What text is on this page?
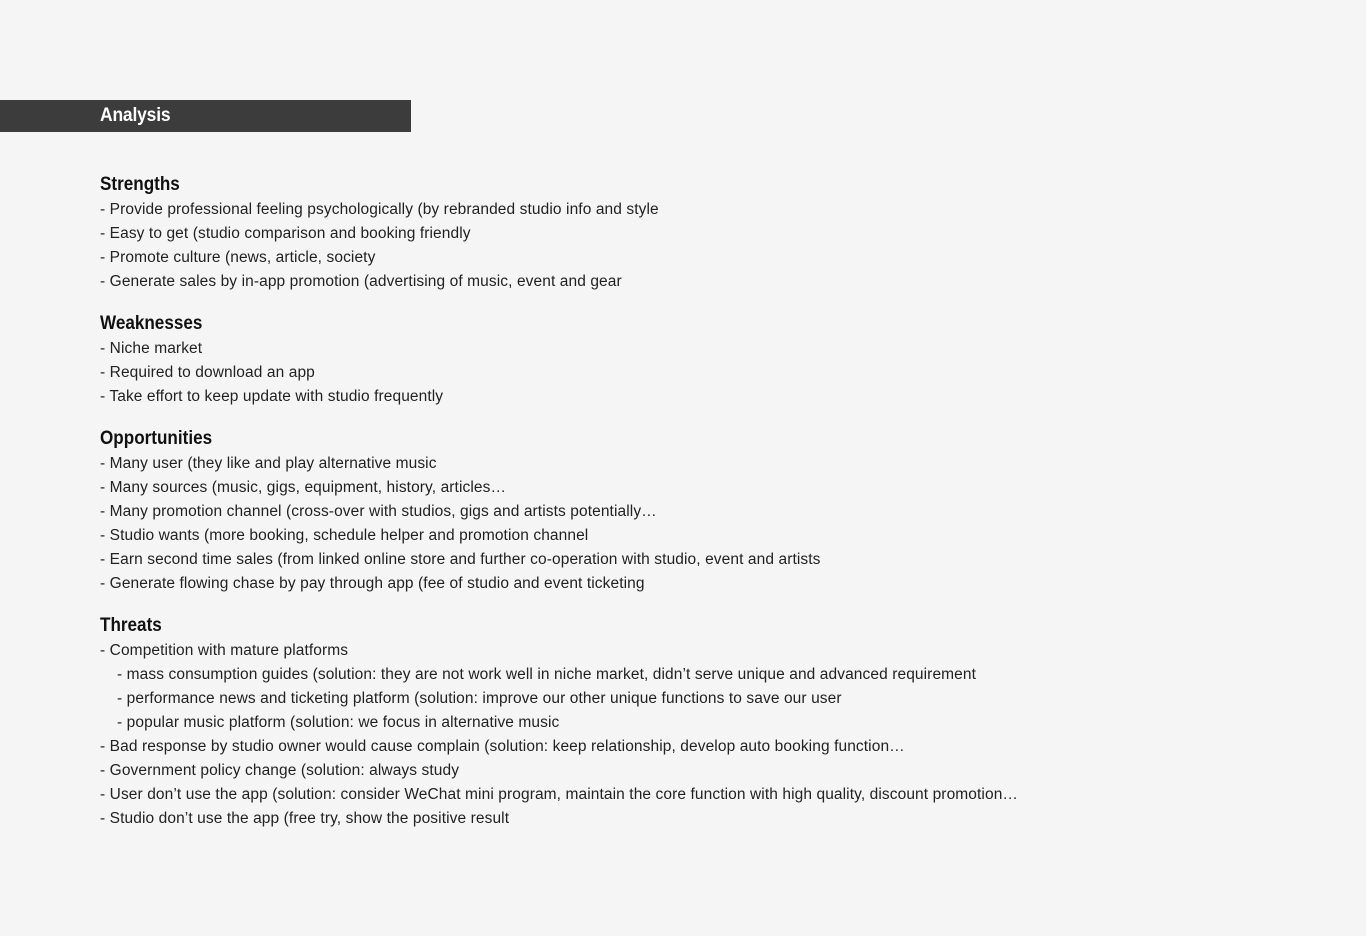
Analysis
Strengths
- Provide professional feeling psychologically (by rebranded studio info and style
- Easy to get (studio comparison and booking friendly
- Promote culture (news, article, society
- Generate sales by in-app promotion (advertising of music, event and gear
Weaknesses
- Niche market
- Required to download an app
- Take effort to keep update with studio frequently
Opportunities
- Many user (they like and play alternative music
- Many sources (music, gigs, equipment, history, articles…
- Many promotion channel (cross-over with studios, gigs and artists potentially…
- Studio wants (more booking, schedule helper and promotion channel
- Earn second time sales (from linked online store and further co-operation with studio, event and artists
- Generate flowing chase by pay through app (fee of studio and event ticketing
Threats
- Competition with mature platforms
- mass consumption guides (solution: they are not work well in niche market, didn’t serve unique and advanced requirement
- performance news and ticketing platform (solution: improve our other unique functions to save our user
- popular music platform (solution: we focus in alternative music
- Bad response by studio owner would cause complain (solution: keep relationship, develop auto booking function…
- Government policy change (solution: always study
- User don’t use the app (solution: consider WeChat mini program, maintain the core function with high quality, discount promotion…
- Studio don’t use the app (free try, show the positive result
